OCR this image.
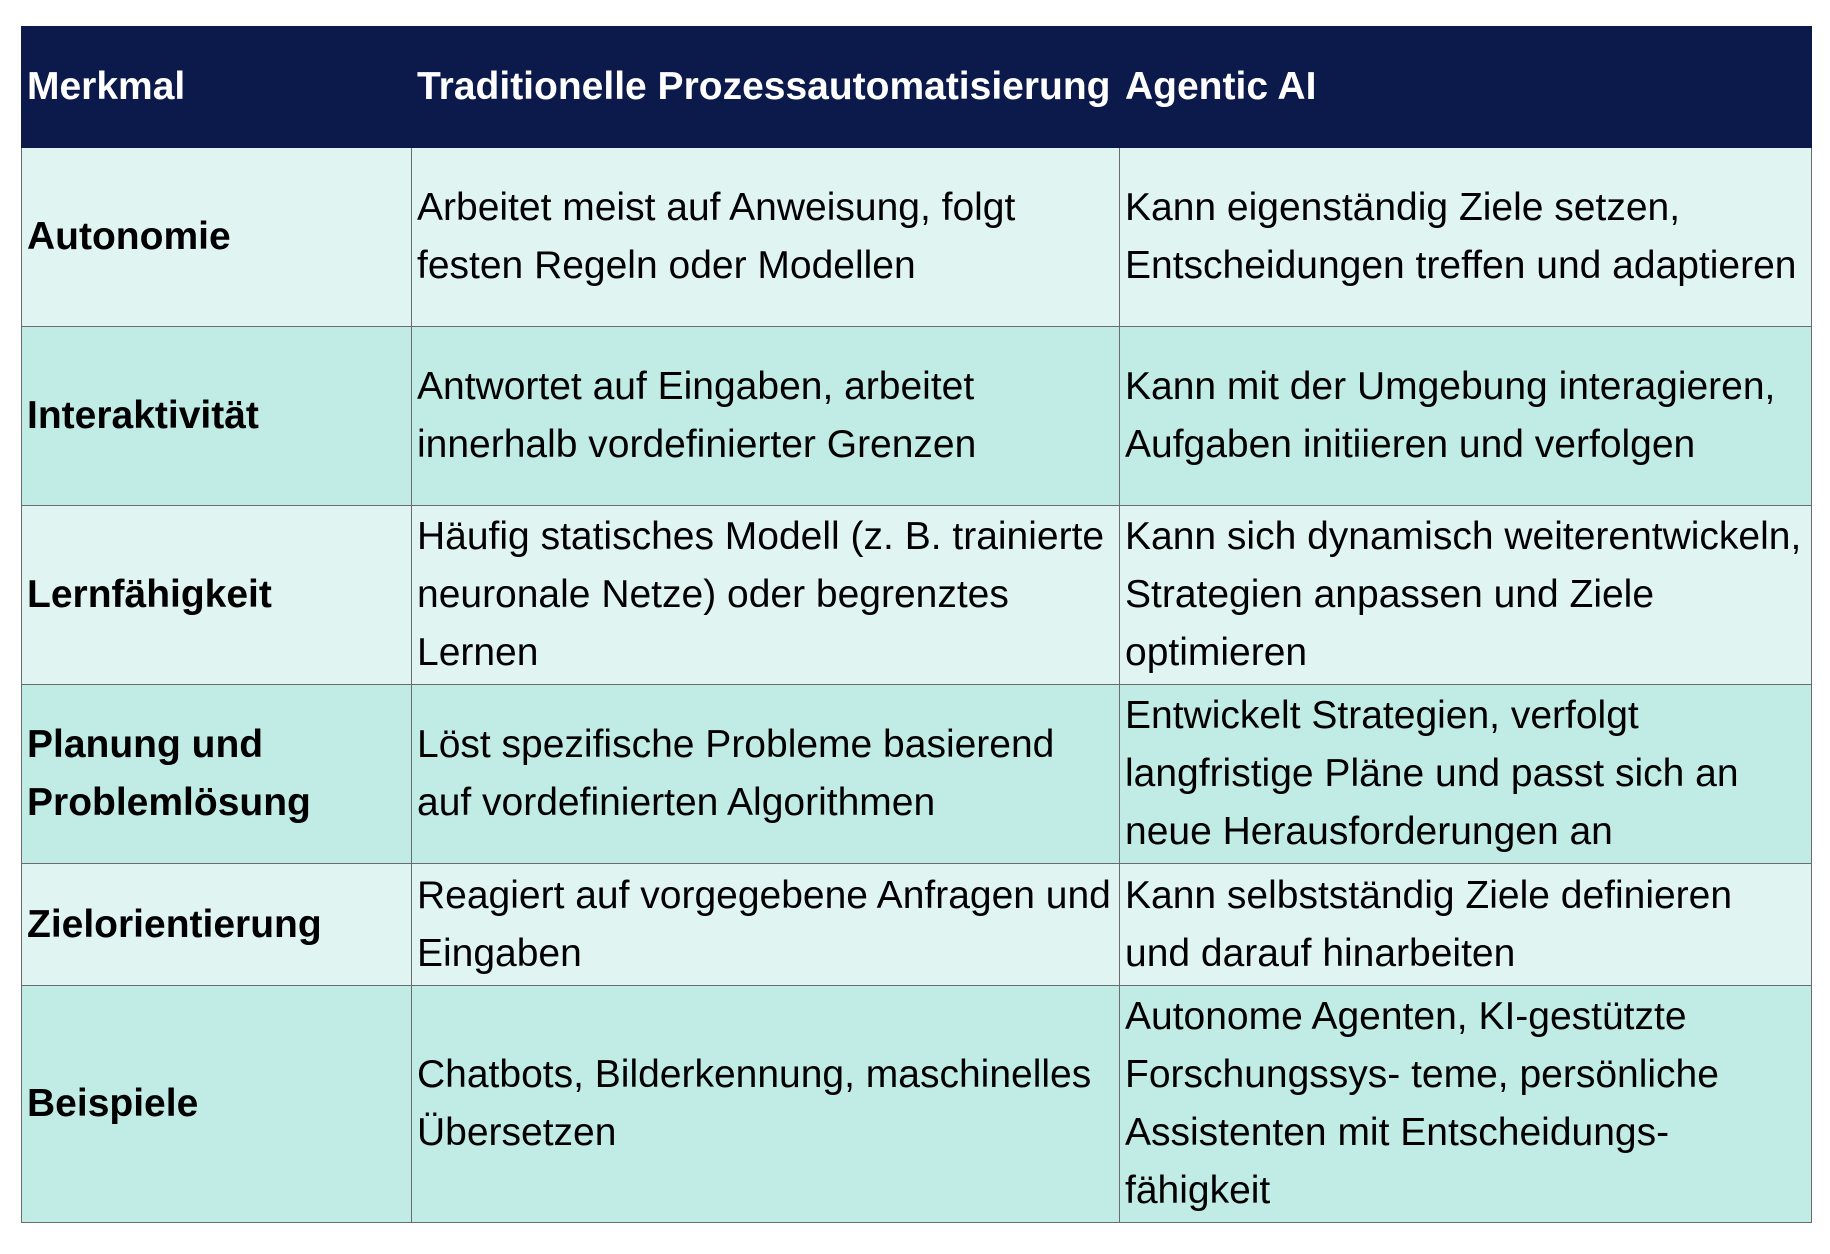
Merkmal	Traditionelle Prozessautomatisierung	Agentic AI
Autonomie	Arbeitet meist auf Anweisung, folgt festen Regeln oder Modellen	Kann eigenständig Ziele setzen, Entscheidungen treffen und adaptieren
Interaktivität	Antwortet auf Eingaben, arbeitet innerhalb vordefinierter Grenzen	Kann mit der Umgebung interagieren, Aufgaben initiieren und verfolgen
Lernfähigkeit	Häufig statisches Modell (z. B. trainierte neuronale Netze) oder begrenztes Lernen	Kann sich dynamisch weiterentwickeln, Strategien anpassen und Ziele optimieren
Planung und Problemlösung	Löst spezifische Probleme basierend auf vordefinierten Algorithmen	Entwickelt Strategien, verfolgt langfristige Pläne und passt sich an neue Herausforderungen an
Zielorientierung	Reagiert auf vorgegebene Anfragen und Eingaben	Kann selbstständig Ziele definieren und darauf hinarbeiten
Beispiele	Chatbots, Bilderkennung, maschinelles Übersetzen	Autonome Agenten, KI-gestützte Forschungssys- teme, persönliche Assistenten mit Entscheidungs- fähigkeit
